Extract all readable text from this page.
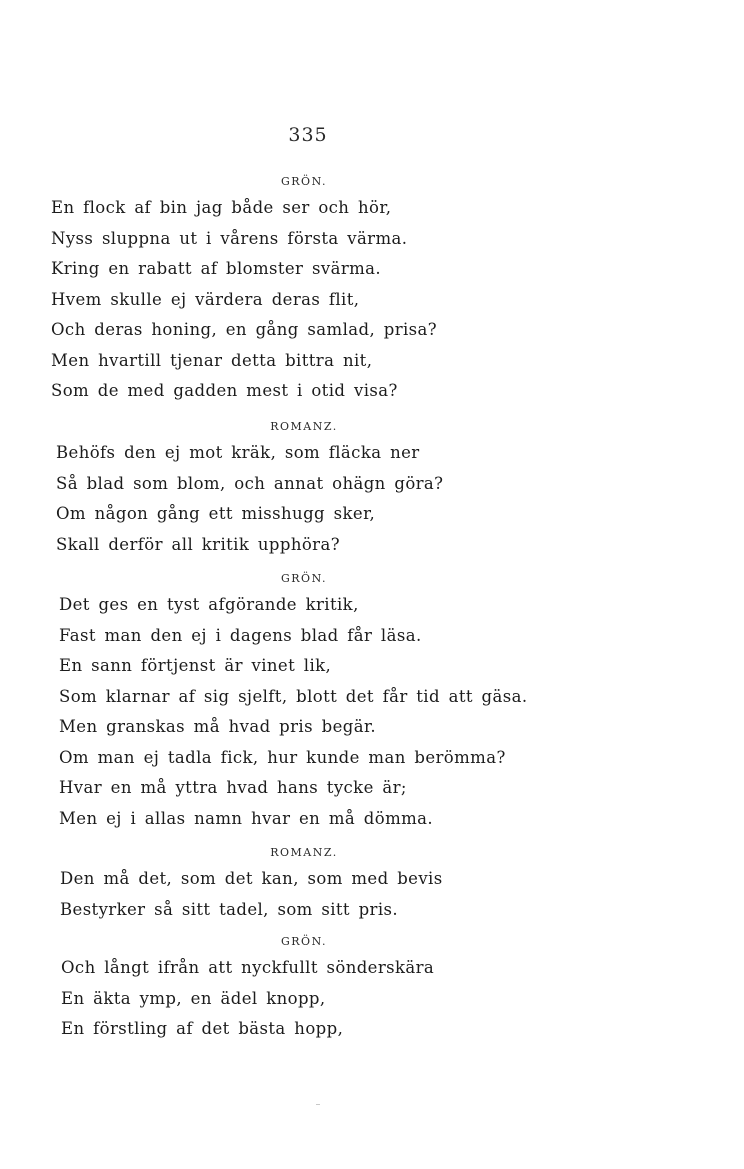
335
GRÖN.
En flock af bin jag både ser och hör,
Nyss sluppna ut i vårens första värma.
Kring en rabatt af blomster svärma.
Hvem skulle ej värdera deras flit,
Och deras honing, en gång samlad, prisa?
Men hvartill tjenar detta bittra nit,
Som de med gadden mest i otid visa?
ROMANZ.
Behöfs den ej mot kräk, som fläcka ner
Så blad som blom, och annat ohägn göra?
Om någon gång ett misshugg sker,
Skall derför all kritik upphöra?
GRÖN.
Det ges en tyst afgörande kritik,
Fast man den ej i dagens blad får läsa.
En sann förtjenst är vinet lik,
Som klarnar af sig sjelft, blott det får tid att gäsa.
Men granskas må hvad pris begär.
Om man ej tadla fick, hur kunde man berömma?
Hvar en må yttra hvad hans tycke är;
Men ej i allas namn hvar en må dömma.
ROMANZ.
Den må det, som det kan, som med bevis
Bestyrker så sitt tadel, som sitt pris.
GRÖN.
Och långt ifrån att nyckfullt sönderskära
En äkta ymp, en ädel knopp,
En förstling af det bästa hopp,
